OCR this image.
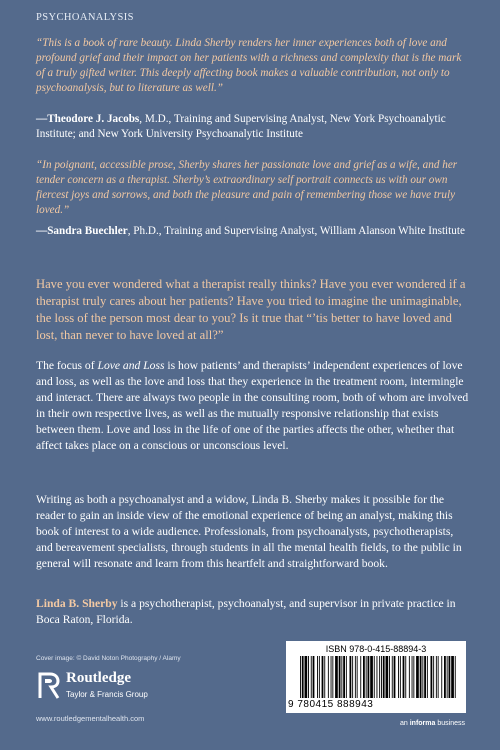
PSYCHOANALYSIS
“This is a book of rare beauty. Linda Sherby renders her inner experiences both of love and profound grief and their impact on her patients with a richness and complexity that is the mark of a truly gifted writer. This deeply affecting book makes a valuable contribution, not only to psychoanalysis, but to literature as well.”
—Theodore J. Jacobs, M.D., Training and Supervising Analyst, New York Psychoanalytic Institute; and New York University Psychoanalytic Institute
“In poignant, accessible prose, Sherby shares her passionate love and grief as a wife, and her tender concern as a therapist. Sherby’s extraordinary self portrait connects us with our own fiercest joys and sorrows, and both the pleasure and pain of remembering those we have truly loved.”
—Sandra Buechler, Ph.D., Training and Supervising Analyst, William Alanson White Institute
Have you ever wondered what a therapist really thinks? Have you ever wondered if a therapist truly cares about her patients? Have you tried to imagine the unimaginable, the loss of the person most dear to you? Is it true that “’tis better to have loved and lost, than never to have loved at all?”
The focus of Love and Loss is how patients’ and therapists’ independent experiences of love and loss, as well as the love and loss that they experience in the treatment room, intermingle and interact. There are always two people in the consulting room, both of whom are involved in their own respective lives, as well as the mutually responsive relationship that exists between them. Love and loss in the life of one of the parties affects the other, whether that affect takes place on a conscious or unconscious level.
Writing as both a psychoanalyst and a widow, Linda B. Sherby makes it possible for the reader to gain an inside view of the emotional experience of being an analyst, making this book of interest to a wide audience. Professionals, from psychoanalysts, psychotherapists, and bereavement specialists, through students in all the mental health fields, to the public in general will resonate and learn from this heartfelt and straightforward book.
Linda B. Sherby is a psychotherapist, psychoanalyst, and supervisor in private practice in Boca Raton, Florida.
Cover image: © David Noton Photography / Alamy
Routledge
Taylor & Francis Group
www.routledgementalhealth.com
ISBN 978-0-415-88894-3
9 780415 888943
an informa business
